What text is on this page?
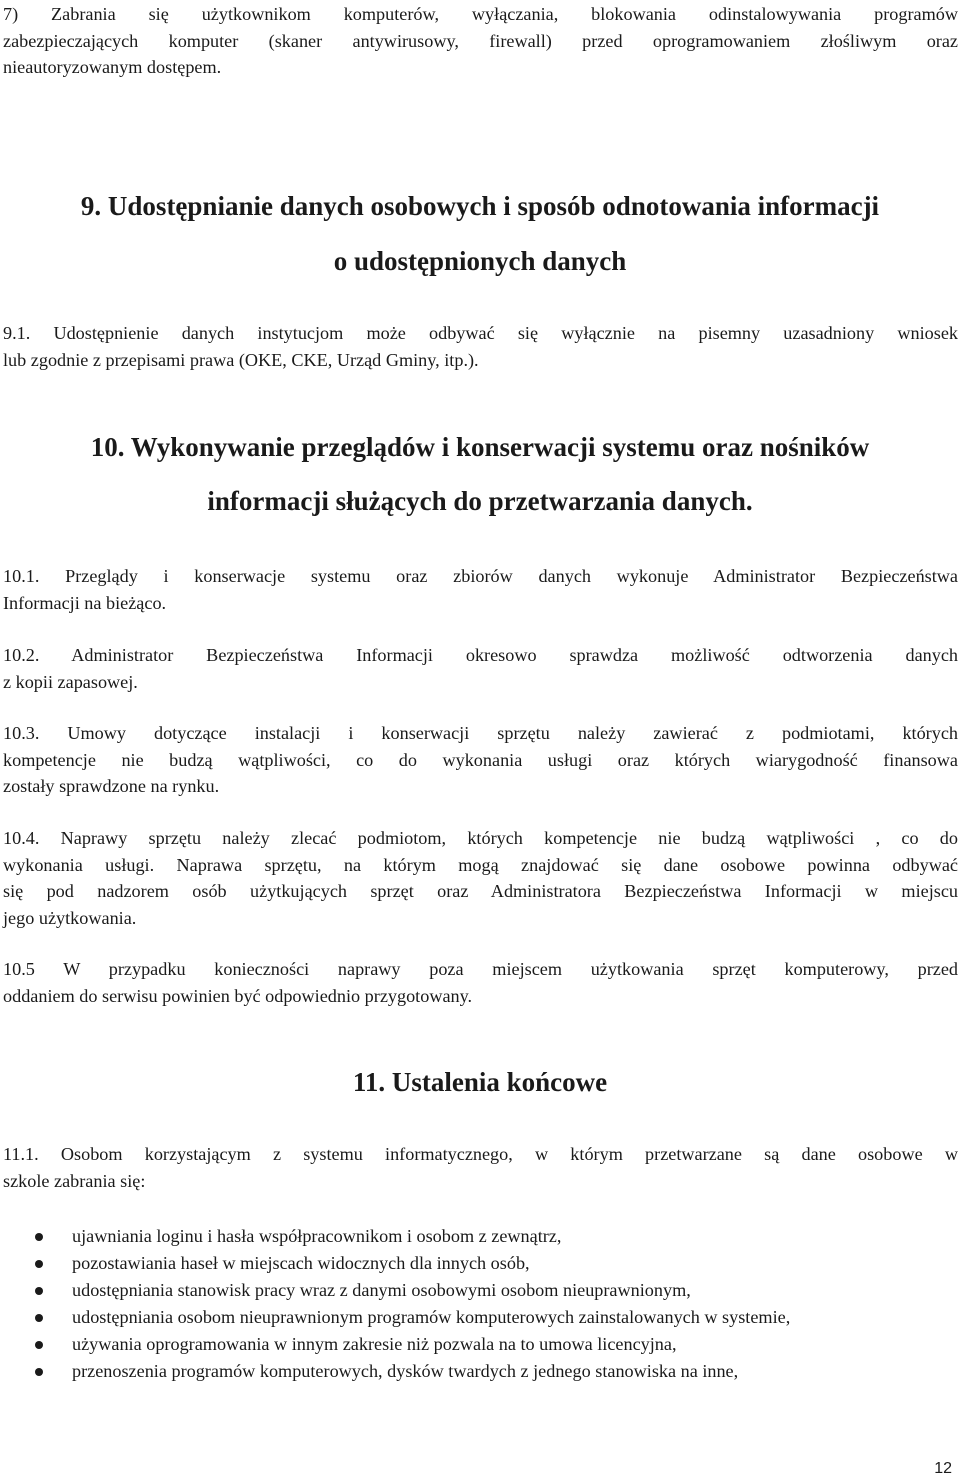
7) Zabrania się użytkownikom komputerów, wyłączania, blokowania odinstalowywania programów
zabezpieczających komputer (skaner antywirusowy, firewall) przed oprogramowaniem złośliwym oraz
nieautoryzowanym dostępem.
9. Udostępnianie danych osobowych i sposób odnotowania informacji
o udostępnionych danych
9.1. Udostępnienie danych instytucjom może odbywać się wyłącznie na pisemny uzasadniony wniosek
lub zgodnie z przepisami prawa (OKE, CKE, Urząd Gminy, itp.).
10. Wykonywanie przeglądów i konserwacji systemu oraz nośników
informacji służących do przetwarzania danych.
10.1. Przeglądy i konserwacje systemu oraz zbiorów danych wykonuje Administrator Bezpieczeństwa
Informacji na bieżąco.
10.2. Administrator Bezpieczeństwa Informacji okresowo sprawdza możliwość odtworzenia danych
z kopii zapasowej.
10.3. Umowy dotyczące instalacji i konserwacji sprzętu należy zawierać z podmiotami, których
kompetencje nie budzą wątpliwości, co do wykonania usługi oraz których wiarygodność finansowa
zostały sprawdzone na rynku.
10.4. Naprawy sprzętu należy zlecać podmiotom, których kompetencje nie budzą wątpliwości , co do
wykonania usługi. Naprawa sprzętu, na którym mogą znajdować się dane osobowe powinna odbywać
się pod nadzorem osób użytkujących sprzęt oraz Administratora Bezpieczeństwa Informacji w miejscu
jego użytkowania.
10.5 W przypadku konieczności naprawy poza miejscem użytkowania sprzęt komputerowy, przed
oddaniem do serwisu powinien być odpowiednio przygotowany.
11. Ustalenia końcowe
11.1. Osobom korzystającym z systemu informatycznego, w którym przetwarzane są dane osobowe w
szkole zabrania się:
ujawniania loginu i hasła współpracownikom i osobom z zewnątrz,
pozostawiania haseł w miejscach widocznych dla innych osób,
udostępniania stanowisk pracy wraz z danymi osobowymi osobom nieuprawnionym,
udostępniania osobom nieuprawnionym programów komputerowych zainstalowanych w systemie,
używania oprogramowania w innym zakresie niż pozwala na to umowa licencyjna,
przenoszenia programów komputerowych, dysków twardych z jednego stanowiska na inne,
12
